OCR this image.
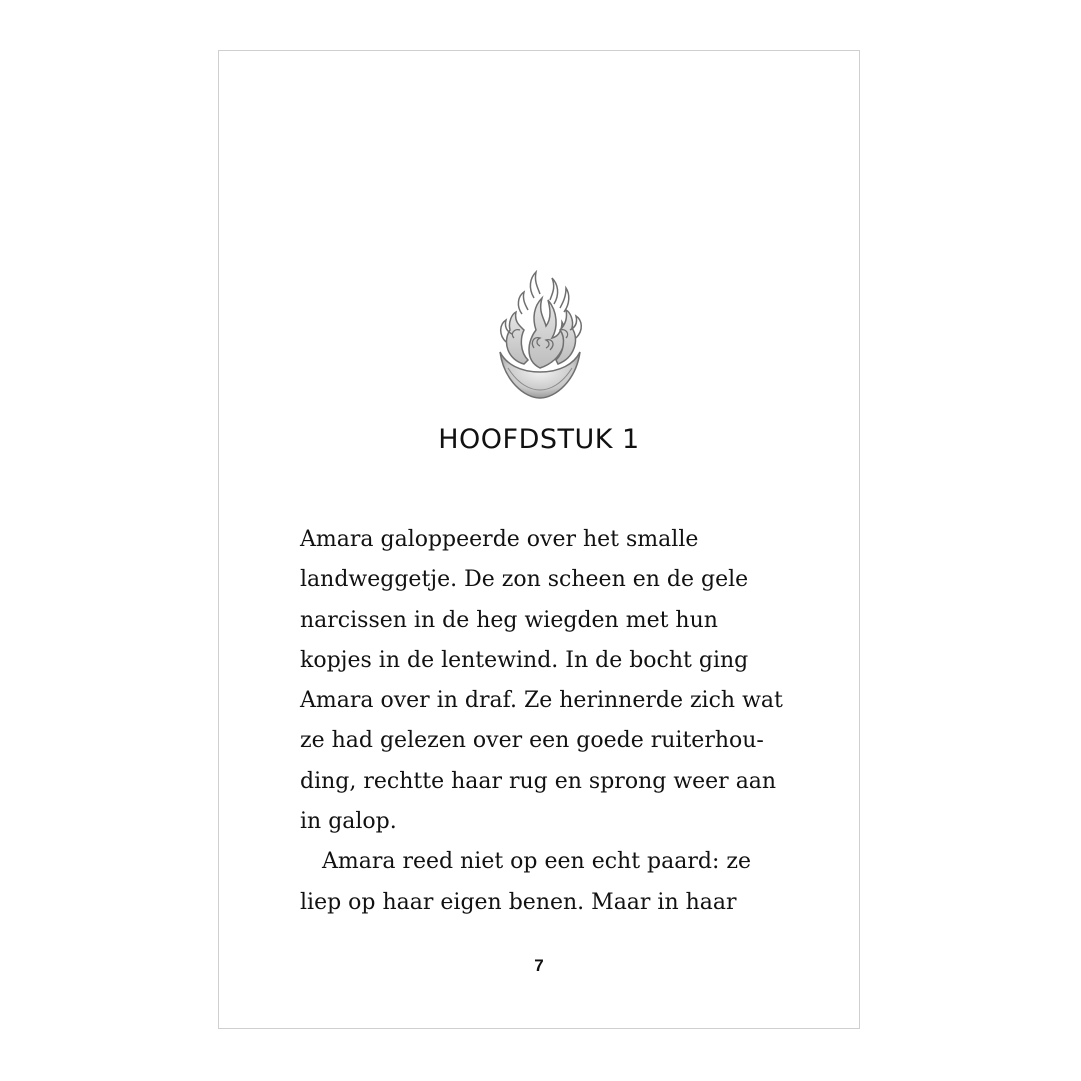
HOOFDSTUK 1
Amara galoppeerde over het smalle
landweggetje. De zon scheen en de gele
narcissen in de heg wiegden met hun
kopjes in de lentewind. In de bocht ging
Amara over in draf. Ze herinnerde zich wat
ze had gelezen over een goede ruiterhou-
ding, rechtte haar rug en sprong weer aan
in galop.
Amara reed niet op een echt paard: ze
liep op haar eigen benen. Maar in haar
7
